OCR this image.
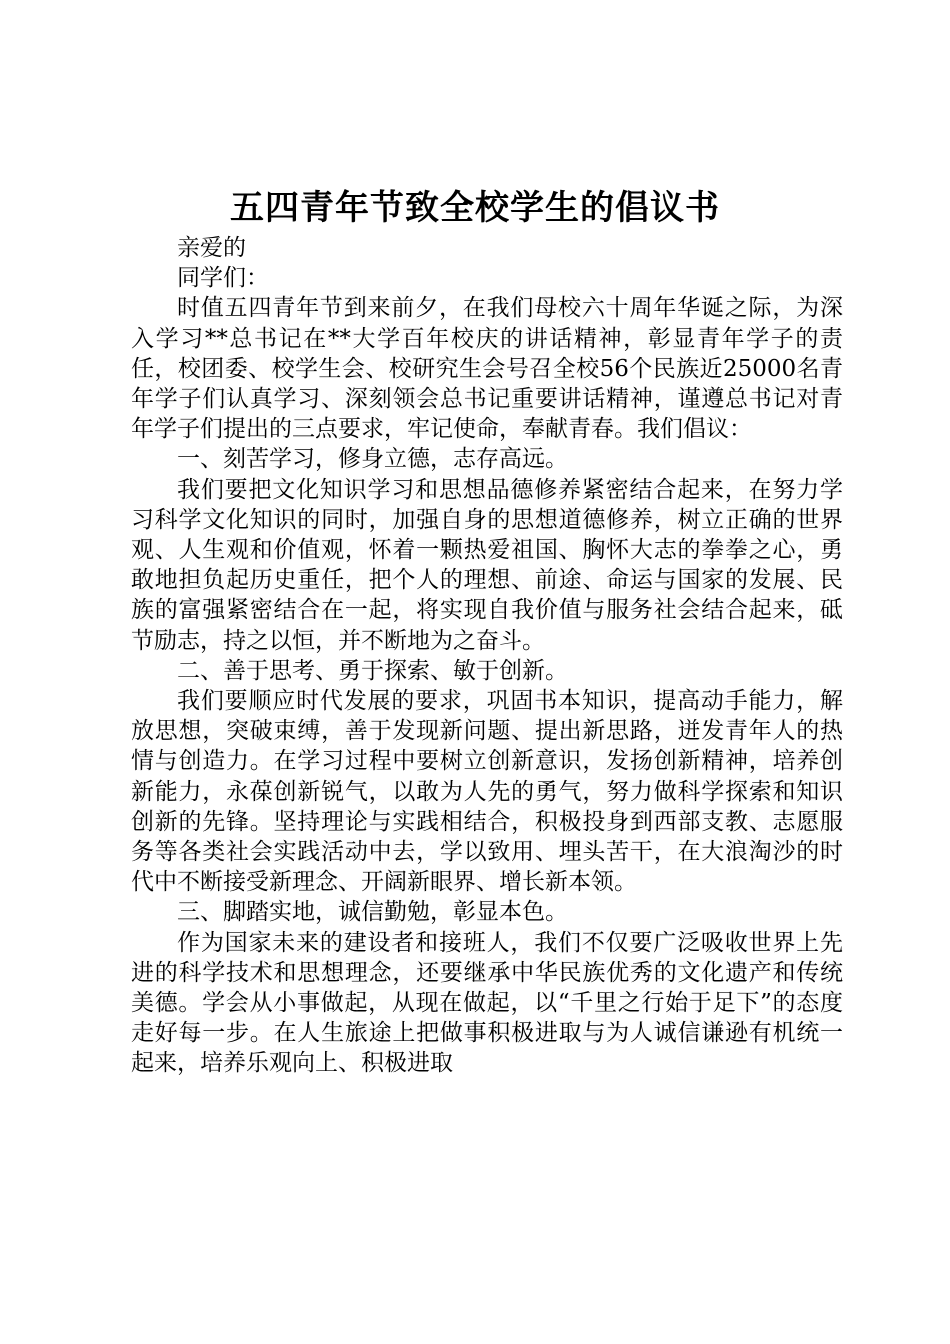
五四青年节致全校学生的倡议书

亲爱的

同学们：

时值五四青年节到来前夕，在我们母校六十周年华诞之际，为深入学习**总书记在**大学百年校庆的讲话精神，彰显青年学子的责任，校团委、校学生会、校研究生会号召全校56个民族近25000名青年学子们认真学习、深刻领会总书记重要讲话精神，谨遵总书记对青年学子们提出的三点要求，牢记使命，奉献青春。我们倡议：

一、刻苦学习，修身立德，志存高远。

我们要把文化知识学习和思想品德修养紧密结合起来，在努力学习科学文化知识的同时，加强自身的思想道德修养，树立正确的世界观、人生观和价值观，怀着一颗热爱祖国、胸怀大志的拳拳之心，勇敢地担负起历史重任，把个人的理想、前途、命运与国家的发展、民族的富强紧密结合在一起，将实现自我价值与服务社会结合起来，砥节励志，持之以恒，并不断地为之奋斗。

二、善于思考、勇于探索、敏于创新。

我们要顺应时代发展的要求，巩固书本知识，提高动手能力，解放思想，突破束缚，善于发现新问题、提出新思路，迸发青年人的热情与创造力。在学习过程中要树立创新意识，发扬创新精神，培养创新能力，永葆创新锐气，以敢为人先的勇气，努力做科学探索和知识创新的先锋。坚持理论与实践相结合，积极投身到西部支教、志愿服务等各类社会实践活动中去，学以致用、埋头苦干，在大浪淘沙的时代中不断接受新理念、开阔新眼界、增长新本领。

三、脚踏实地，诚信勤勉，彰显本色。

作为国家未来的建设者和接班人，我们不仅要广泛吸收世界上先进的科学技术和思想理念，还要继承中华民族优秀的文化遗产和传统美德。学会从小事做起，从现在做起，以“千里之行始于足下”的态度走好每一步。在人生旅途上把做事积极进取与为人诚信谦逊有机统一起来，培养乐观向上、积极进取
